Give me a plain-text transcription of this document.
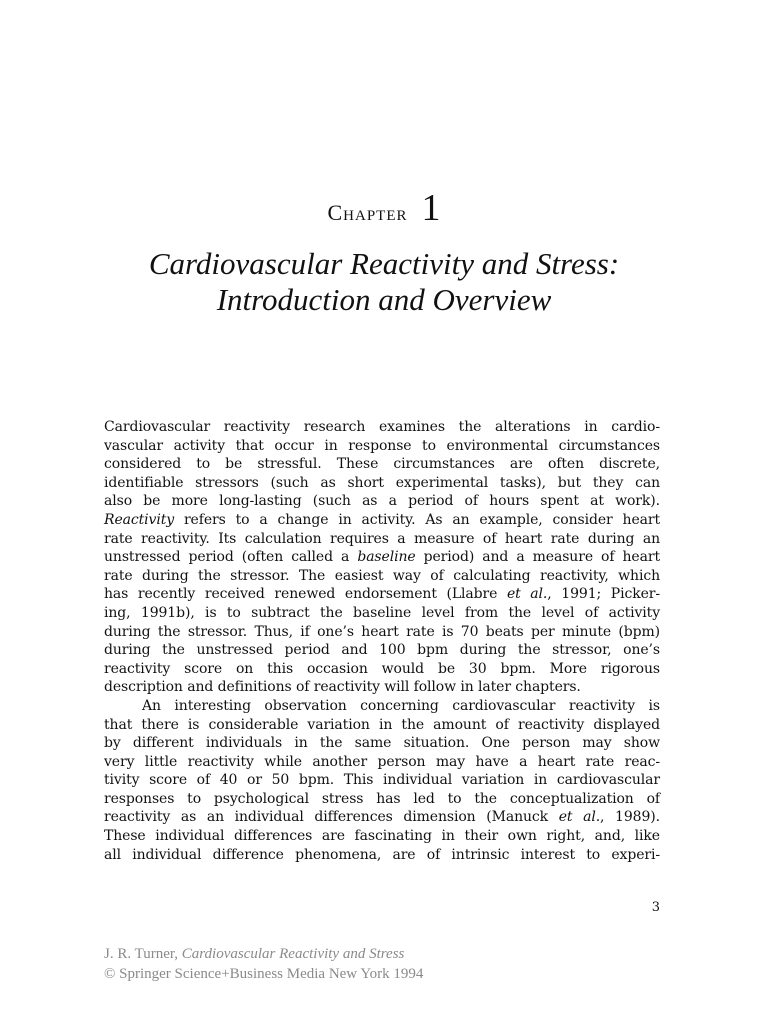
Chapter 1
Cardiovascular Reactivity and Stress:
Introduction and Overview
Cardiovascular reactivity research examines the alterations in cardio-
vascular activity that occur in response to environmental circumstances
considered to be stressful. These circumstances are often discrete,
identifiable stressors (such as short experimental tasks), but they can
also be more long-lasting (such as a period of hours spent at work).
Reactivity refers to a change in activity. As an example, consider heart
rate reactivity. Its calculation requires a measure of heart rate during an
unstressed period (often called a baseline period) and a measure of heart
rate during the stressor. The easiest way of calculating reactivity, which
has recently received renewed endorsement (Llabre et al., 1991; Picker-
ing, 1991b), is to subtract the baseline level from the level of activity
during the stressor. Thus, if one’s heart rate is 70 beats per minute (bpm)
during the unstressed period and 100 bpm during the stressor, one’s
reactivity score on this occasion would be 30 bpm. More rigorous
description and definitions of reactivity will follow in later chapters.
An interesting observation concerning cardiovascular reactivity is
that there is considerable variation in the amount of reactivity displayed
by different individuals in the same situation. One person may show
very little reactivity while another person may have a heart rate reac-
tivity score of 40 or 50 bpm. This individual variation in cardiovascular
responses to psychological stress has led to the conceptualization of
reactivity as an individual differences dimension (Manuck et al., 1989).
These individual differences are fascinating in their own right, and, like
all individual difference phenomena, are of intrinsic interest to experi-
3
J. R. Turner, Cardiovascular Reactivity and Stress
© Springer Science+Business Media New York 1994
